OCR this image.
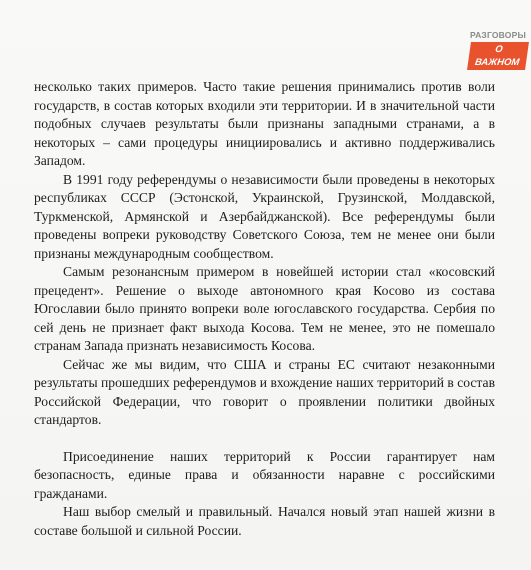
РАЗГОВОРЫ
О ВАЖНОМ

несколько таких примеров. Часто такие решения принимались против воли государств, в состав которых входили эти территории. И в значительной части подобных случаев результаты были признаны западными странами, а в некоторых – сами процедуры инициировались и активно поддерживались Западом.

В 1991 году референдумы о независимости были проведены в некоторых республиках СССР (Эстонской, Украинской, Грузинской, Молдавской, Туркменской, Армянской и Азербайджанской). Все референдумы были проведены вопреки руководству Советского Союза, тем не менее они были признаны международным сообществом.

Самым резонансным примером в новейшей истории стал «косовский прецедент». Решение о выходе автономного края Косово из состава Югославии было принято вопреки воле югославского государства. Сербия по сей день не признает факт выхода Косова. Тем не менее, это не помешало странам Запада признать независимость Косова.

Сейчас же мы видим, что США и страны ЕС считают незаконными результаты прошедших референдумов и вхождение наших территорий в состав Российской Федерации, что говорит о проявлении политики двойных стандартов.

Присоединение наших территорий к России гарантирует нам безопасность, единые права и обязанности наравне с российскими гражданами.

Наш выбор смелый и правильный. Начался новый этап нашей жизни в составе большой и сильной России.
